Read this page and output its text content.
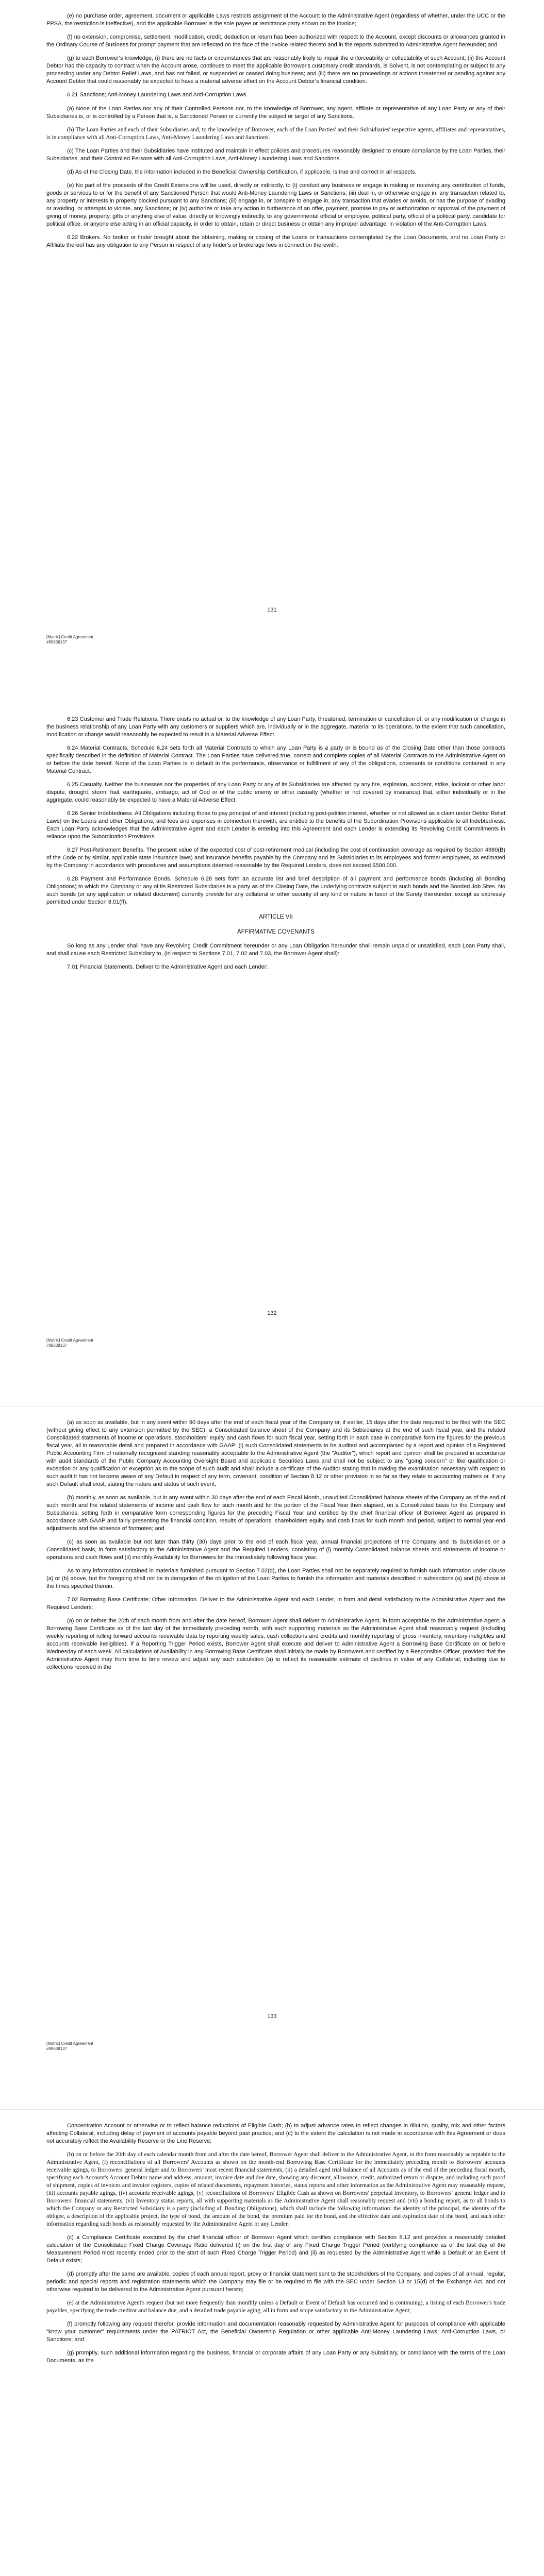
(e) no purchase order, agreement, document or applicable Laws restricts assignment of the Account to the Administrative Agent (regardless of whether, under the UCC or the PPSA, the restriction is ineffective), and the applicable Borrower is the sole payee or remittance party shown on the invoice;
(f) no extension, compromise, settlement, modification, credit, deduction or return has been authorized with respect to the Account, except discounts or allowances granted in the Ordinary Course of Business for prompt payment that are reflected on the face of the invoice related thereto and in the reports submitted to Administrative Agent hereunder; and
(g) to each Borrower's knowledge, (i) there are no facts or circumstances that are reasonably likely to impair the enforceability or collectability of such Account; (ii) the Account Debtor had the capacity to contract when the Account arose, continues to meet the applicable Borrower's customary credit standards, is Solvent, is not contemplating or subject to any proceeding under any Debtor Relief Laws, and has not failed, or suspended or ceased doing business; and (iii) there are no proceedings or actions threatened or pending against any Account Debtor that could reasonably be expected to have a material adverse effect on the Account Debtor's financial condition.
6.21 Sanctions; Anti-Money Laundering Laws and Anti-Corruption Laws
(a) None of the Loan Parties nor any of their Controlled Persons nor, to the knowledge of Borrower, any agent, affiliate or representative of any Loan Party or any of their Subsidiaries is, or is controlled by a Person that is, a Sanctioned Person or currently the subject or target of any Sanctions.
(b) The Loan Parties and each of their Subsidiaries and, to the knowledge of Borrower, each of the Loan Parties' and their Subsidiaries' respective agents, affiliates and representatives, is in compliance with all Anti-Corruption Laws, Anti-Money Laundering Laws and Sanctions.
(c) The Loan Parties and their Subsidiaries have instituted and maintain in effect policies and procedures reasonably designed to ensure compliance by the Loan Parties, their Subsidiaries, and their Controlled Persons with all Anti-Corruption Laws, Anti-Money Laundering Laws and Sanctions.
(d) As of the Closing Date, the information included in the Beneficial Ownership Certification, if applicable, is true and correct in all respects.
(e) No part of the proceeds of the Credit Extensions will be used, directly or indirectly, to (i) conduct any business or engage in making or receiving any contribution of funds, goods or services to or for the benefit of any Sanctioned Person that would Anti-Money Laundering Laws or Sanctions; (iii) deal in, or otherwise engage in, any transaction related to, any property or interests in property blocked pursuant to any Sanctions; (iii) engage in, or conspire to engage in, any transaction that evades or avoids, or has the purpose of evading or avoiding, or attempts to violate, any Sanctions; or (iv) authorize or take any action in furtherance of an offer, payment, promise to pay or authorization or approval of the payment of giving of money, property, gifts or anything else of value, directly or knowingly indirectly, to any governmental official or employee, political party, official of a political party, candidate for political office, or anyone else acting in an official capacity, in order to obtain, retain or direct business or obtain any improper advantage, in violation of the Anti-Corruption Laws.
6.22 Brokers. No broker or finder brought about the obtaining, making or closing of the Loans or transactions contemplated by the Loan Documents, and no Loan Party or Affiliate thereof has any obligation to any Person in respect of any finder's or brokerage fees in connection therewith.
131
[Matrix] Credit Agreement
#89638137
6.23 Customer and Trade Relations. There exists no actual or, to the knowledge of any Loan Party, threatened, termination or cancellation of, or any modification or change in the business relationship of any Loan Party with any customers or suppliers which are, individually or in the aggregate, material to its operations, to the extent that such cancellation, modification or change would reasonably be expected to result in a Material Adverse Effect.
6.24 Material Contracts. Schedule 6.24 sets forth all Material Contracts to which any Loan Party is a party or is bound as of the Closing Date other than those contracts specifically described in the definition of Material Contract. The Loan Parties have delivered true, correct and complete copies of all Material Contracts to the Administrative Agent on or before the date hereof. None of the Loan Parties is in default in the performance, observance or fulfillment of any of the obligations, covenants or conditions contained in any Material Contract.
6.25 Casualty. Neither the businesses nor the properties of any Loan Party or any of its Subsidiaries are affected by any fire, explosion, accident, strike, lockout or other labor dispute, drought, storm, hail, earthquake, embargo, act of God or of the public enemy or other casualty (whether or not covered by insurance) that, either individually or in the aggregate, could reasonably be expected to have a Material Adverse Effect.
6.26 Senior Indebtedness. All Obligations including those to pay principal of and interest (including post-petition interest, whether or not allowed as a claim under Debtor Relief Laws) on the Loans and other Obligations, and fees and expenses in connection therewith, are entitled to the benefits of the Subordination Provisions applicable to all Indebtedness. Each Loan Party acknowledges that the Administrative Agent and each Lender is entering into this Agreement and each Lender is extending its Revolving Credit Commitments in reliance upon the Subordination Provisions.
6.27 Post-Retirement Benefits. The present value of the expected cost of post-retirement medical (including the cost of continuation coverage as required by Section 4980(B) of the Code or by similar, applicable state insurance laws) and insurance benefits payable by the Company and its Subsidiaries to its employees and former employees, as estimated by the Company in accordance with procedures and assumptions deemed reasonable by the Required Lenders, does not exceed $500,000.
6.28 Payment and Performance Bonds. Schedule 6.28 sets forth an accurate list and brief description of all payment and performance bonds (including all Bonding Obligations) to which the Company or any of its Restricted Subsidiaries is a party as of the Closing Date, the underlying contracts subject to such bonds and the Bonded Job Sites. No such bonds (or any application or related document) currently provide for any collateral or other security of any kind or nature in favor of the Surety thereunder, except as expressly permitted under Section 8.01(ff).
ARTICLE VII
AFFIRMATIVE COVENANTS
So long as any Lender shall have any Revolving Credit Commitment hereunder or any Loan Obligation hereunder shall remain unpaid or unsatisfied, each Loan Party shall, and shall cause each Restricted Subsidiary to, (in respect to Sections 7.01, 7.02 and 7.03, the Borrower Agent shall):
7.01 Financial Statements. Deliver to the Administrative Agent and each Lender:
132
[Matrix] Credit Agreement
#89638137
(a) as soon as available, but in any event within 90 days after the end of each fiscal year of the Company or, if earlier, 15 days after the date required to be filed with the SEC (without giving effect to any extension permitted by the SEC), a Consolidated balance sheet of the Company and its Subsidiaries at the end of such fiscal year, and the related Consolidated statements of income or operations, stockholders' equity and cash flows for such fiscal year, setting forth in each case in comparative form the figures for the previous fiscal year, all in reasonable detail and prepared in accordance with GAAP: (i) such Consolidated statements to be audited and accompanied by a report and opinion of a Registered Public Accounting Firm of nationally recognized standing reasonably acceptable to the Administrative Agent (the "Auditor"), which report and opinion shall be prepared in accordance with audit standards of the Public Company Accounting Oversight Board and applicable Securities Laws and shall not be subject to any "going concern" or like qualification or exception or any qualification or exception as to the scope of such audit and shall include a certificate of the Auditor stating that in making the examination necessary with respect to such audit it has not become aware of any Default in respect of any term, covenant, condition of Section 8.12 or other provision in so far as they relate to accounting matters or, if any such Default shall exist, stating the nature and status of such event;
(b) monthly, as soon as available, but in any event within 30 days after the end of each Fiscal Month, unaudited Consolidated balance sheets of the Company as of the end of such month and the related statements of income and cash flow for such month and for the portion of the Fiscal Year then elapsed, on a Consolidated basis for the Company and Subsidiaries, setting forth in comparative form corresponding figures for the preceding Fiscal Year and certified by the chief financial officer of Borrower Agent as prepared in accordance with GAAP and fairly presenting the financial condition, results of operations, shareholders equity and cash flows for such month and period, subject to normal year-end adjustments and the absence of footnotes; and
(c) as soon as available but not later than thirty (30) days prior to the end of each fiscal year, annual financial projections of the Company and its Subsidiaries on a Consolidated basis, in form satisfactory to the Administrative Agent and the Required Lenders, consisting of (i) monthly Consolidated balance sheets and statements of income or operations and cash flows and (ii) monthly Availability for Borrowers for the immediately following fiscal year.
As to any information contained in materials furnished pursuant to Section 7.02(d), the Loan Parties shall not be separately required to furnish such information under clause (a) or (b) above, but the foregoing shall not be in derogation of the obligation of the Loan Parties to furnish the information and materials described in subsections (a) and (b) above at the times specified therein.
7.02 Borrowing Base Certificate; Other Information. Deliver to the Administrative Agent and each Lender, in form and detail satisfactory to the Administrative Agent and the Required Lenders:
(a) on or before the 20th of each month from and after the date hereof, Borrower Agent shall deliver to Administrative Agent, in form acceptable to the Administrative Agent, a Borrowing Base Certificate as of the last day of the immediately preceding month, with such supporting materials as the Administrative Agent shall reasonably request (including weekly reporting of rolling forward accounts receivable data by reporting weekly sales, cash collections and credits and monthly reporting of gross inventory, inventory ineligibles and accounts receivable ineligibles). If a Reporting Trigger Period exists, Borrower Agent shall execute and deliver to Administrative Agent a Borrowing Base Certificate on or before Wednesday of each week. All calculations of Availability in any Borrowing Base Certificate shall initially be made by Borrowers and certified by a Responsible Officer, provided that the Administrative Agent may from time to time review and adjust any such calculation (a) to reflect its reasonable estimate of declines in value of any Collateral, including due to collections received in the
133
[Matrix] Credit Agreement
#89638137
Concentration Account or otherwise or to reflect balance reductions of Eligible Cash; (b) to adjust advance rates to reflect changes in dilution, quality, mix and other factors affecting Collateral, including delay of payment of accounts payable beyond past practice; and (c) to the extent the calculation is not made in accordance with this Agreement or does not accurately reflect the Availability Reserve or the Line Reserve;
(b) on or before the 20th day of each calendar month from and after the date hereof, Borrower Agent shall deliver to the Administrative Agent, in the form reasonably acceptable to the Administrative Agent, (i) reconciliations of all Borrowers' Accounts as shown on the month-end Borrowing Base Certificate for the immediately preceding month to Borrowers' accounts receivable agings, to Borrowers' general ledger and to Borrowers' most recent financial statements, (ii) a detailed aged trial balance of all Accounts as of the end of the preceding fiscal month, specifying each Account's Account Debtor name and address, amount, invoice date and due date, showing any discount, allowance, credit, authorized return or dispute, and including such proof of shipment, copies of invoices and invoice registers, copies of related documents, repayment histories, status reports and other information as the Administrative Agent may reasonably request, (iii) accounts payable agings, (iv) accounts receivable agings, (v) reconciliations of Borrowers' Eligible Cash as shown on Borrowers' perpetual inventory, to Borrowers' general ledger and to Borrowers' financial statements, (vi) Inventory status reports, all with supporting materials as the Administrative Agent shall reasonably request and (vii) a bonding report, as to all bonds to which the Company or any Restricted Subsidiary is a party (including all Bonding Obligations), which shall include the following information: the identity of the principal, the identity of the obligee, a description of the applicable project, the type of bond, the amount of the bond, the premium paid for the bond, and the effective date and expiration date of the bond, and such other information regarding such bonds as reasonably requested by the Administrative Agent or any Lender.
(c) a Compliance Certificate executed by the chief financial officer of Borrower Agent which certifies compliance with Section 8.12 and provides a reasonably detailed calculation of the Consolidated Fixed Charge Coverage Ratio delivered (i) on the first day of any Fixed Charge Trigger Period (certifying compliance as of the last day of the Measurement Period most recently ended prior to the start of such Fixed Charge Trigger Period) and (ii) as requested by the Administrative Agent while a Default or an Event of Default exists;
(d) promptly after the same are available, copies of each annual report, proxy or financial statement sent to the stockholders of the Company, and copies of all annual, regular, periodic and special reports and registration statements which the Company may file or be required to file with the SEC under Section 13 or 15(d) of the Exchange Act, and not otherwise required to be delivered to the Administrative Agent pursuant hereto;
(e) at the Administrative Agent's request (but not more frequently than monthly unless a Default or Event of Default has occurred and is continuing), a listing of each Borrower's trade payables, specifying the trade creditor and balance due, and a detailed trade payable aging, all in form and scope satisfactory to the Administrative Agent;
(f) promptly following any request therefor, provide information and documentation reasonably requested by Administrative Agent for purposes of compliance with applicable "know your customer" requirements under the PATRIOT Act, the Beneficial Ownership Regulation or other applicable Anti-Money Laundering Laws, Anti-Corruption Laws, or Sanctions; and
(g) promptly, such additional information regarding the business, financial or corporate affairs of any Loan Party or any Subsidiary, or compliance with the terms of the Loan Documents, as the
